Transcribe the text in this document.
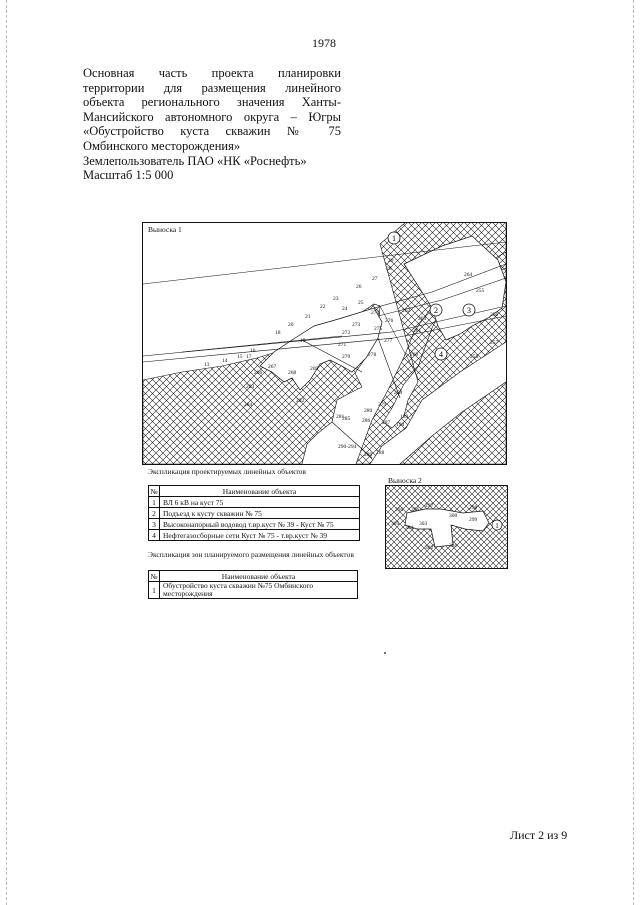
1978
Основная часть проекта планировки
территории для размещения линейного
объекта регионального значения Ханты-
Мансийского автономного округа – Югры
«Обустройство куста скважин № 75
Омбинского месторождения»
Землепользователь ПАО «НК «Роснефть»
Масштаб 1:5 000
Выноска 1
1
2	3
4
13
14
15
16
17
18
19
20
21
22
23
24
25
26
27
28
29
255
256
257
258
259
260
261
262
263
264
266
267
268
269
270
271
272
273
274
275
276
277
278
279
280
281
282
283
284
285 286 287
288
289
290-294
189
190
Экспликация проектируемых линейных объектов
№	Наименование объекта
1	ВЛ 6 кВ на куст 75
2	Подъезд к кусту скважин № 75
3	Высоконапорный водовод т.вр.куст № 39 - Куст № 75
4	Нефтегазосборные сети Куст № 75 - т.вр.куст № 39
Экспликация зон планируемого размещения линейных объектов
№	Наименование объекта
1	Обустройство куста скважин №75 Омбинского месторождения
Выноска 2
1
295 296
297	298
299
300
301
302
303
304
305
Лист 2 из 9
